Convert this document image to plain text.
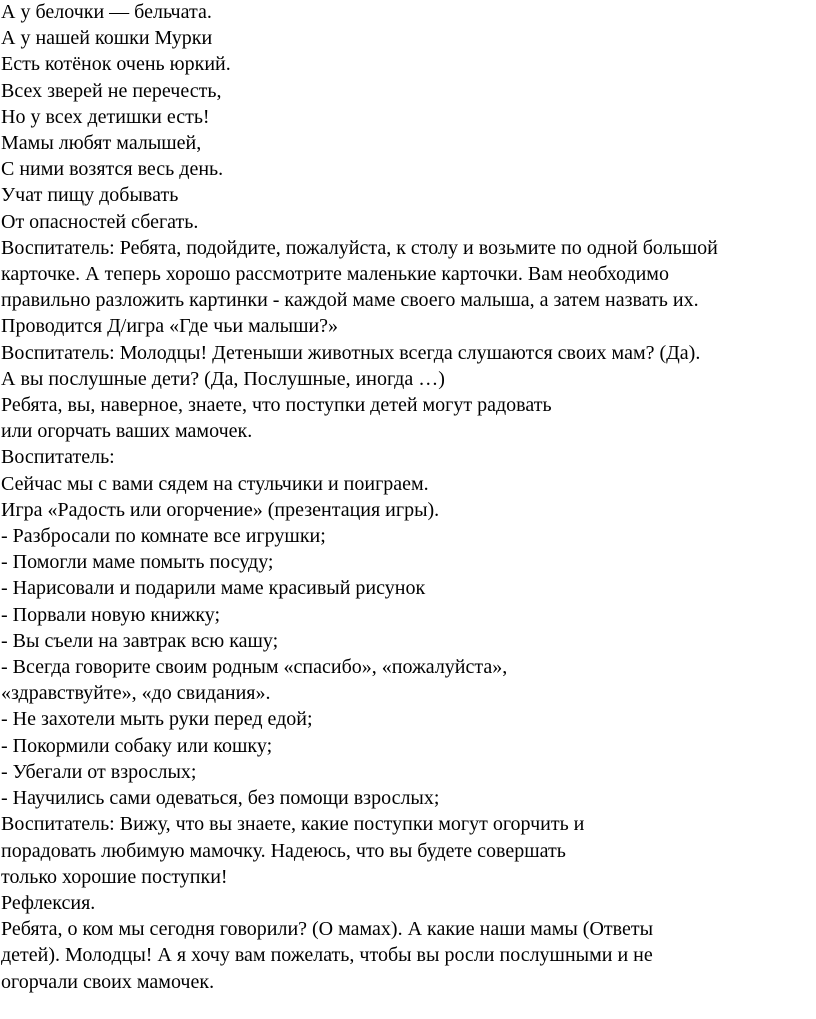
А у белочки — бельчата.
А у нашей кошки Мурки
Есть котёнок очень юркий.
Всех зверей не перечесть,
Но у всех детишки есть!
Мамы любят малышей,
С ними возятся весь день.
Учат пищу добывать
От опасностей сбегать.
Воспитатель: Ребята, подойдите, пожалуйста, к столу и возьмите по одной большой
карточке. А теперь хорошо рассмотрите маленькие карточки. Вам необходимо
правильно разложить картинки - каждой маме своего малыша, а затем назвать их.
Проводится Д/игра «Где чьи малыши?»
Воспитатель: Молодцы! Детеныши животных всегда слушаются своих мам? (Да).
А вы послушные дети? (Да, Послушные, иногда …)
Ребята, вы, наверное, знаете, что поступки детей могут радовать
или огорчать ваших мамочек.
Воспитатель:
Сейчас мы с вами сядем на стульчики и поиграем.
Игра «Радость или огорчение» (презентация игры).
- Разбросали по комнате все игрушки;
- Помогли маме помыть посуду;
- Нарисовали и подарили маме красивый рисунок
- Порвали новую книжку;
- Вы съели на завтрак всю кашу;
- Всегда говорите своим родным «спасибо», «пожалуйста»,
«здравствуйте», «до свидания».
- Не захотели мыть руки перед едой;
- Покормили собаку или кошку;
- Убегали от взрослых;
- Научились сами одеваться, без помощи взрослых;
Воспитатель: Вижу, что вы знаете, какие поступки могут огорчить и
порадовать любимую мамочку. Надеюсь, что вы будете совершать
только хорошие поступки!
Рефлексия.
Ребята, о ком мы сегодня говорили? (О мамах). А какие наши мамы (Ответы
детей). Молодцы! А я хочу вам пожелать, чтобы вы росли послушными и не
огорчали своих мамочек.
